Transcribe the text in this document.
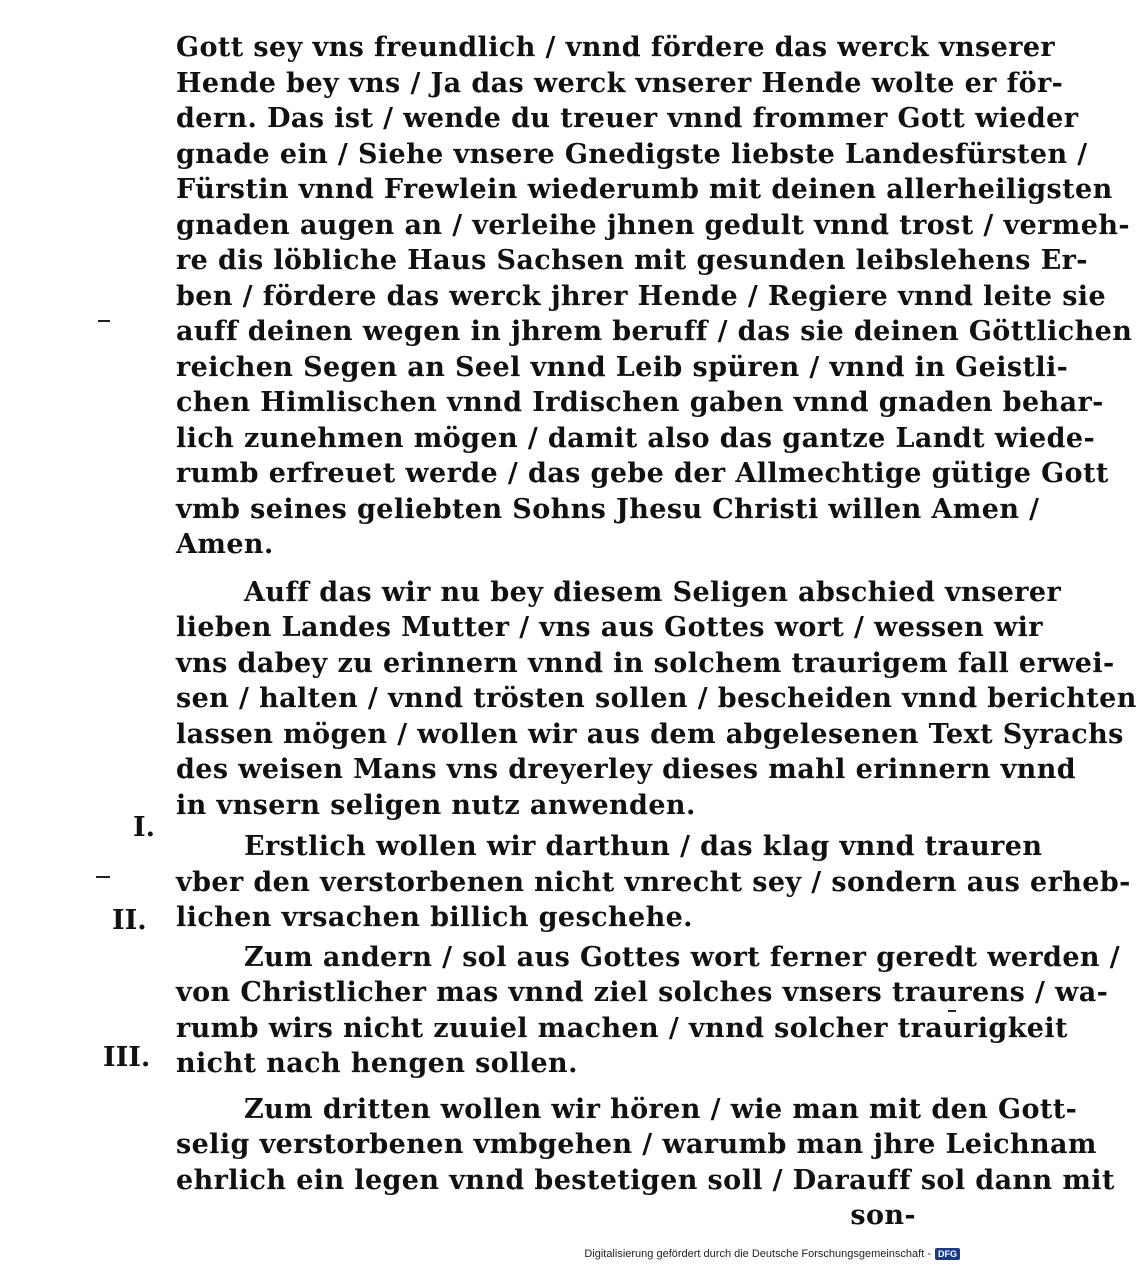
Gott sey vns freundlich / vnnd fördere das werck vnserer
Hende bey vns / Ja das werck vnserer Hende wolte er för-
dern. Das ist / wende du treuer vnnd frommer Gott wieder
gnade ein / Siehe vnsere Gnedigste liebste Landesfürsten /
Fürstin vnnd Frewlein wiederumb mit deinen allerheiligsten
gnaden augen an / verleihe jhnen gedult vnnd trost / vermeh-
re dis löbliche Haus Sachsen mit gesunden leibslehens Er-
ben / fördere das werck jhrer Hende / Regiere vnnd leite sie
auff deinen wegen in jhrem beruff / das sie deinen Göttlichen
reichen Segen an Seel vnnd Leib spüren / vnnd in Geistli-
chen Himlischen vnnd Irdischen gaben vnnd gnaden behar-
lich zunehmen mögen / damit also das gantze Landt wiede-
rumb erfreuet werde / das gebe der Allmechtige gütige Gott
vmb seines geliebten Sohns Jhesu Christi willen Amen /
Amen.
Auff das wir nu bey diesem Seligen abschied vnserer
lieben Landes Mutter / vns aus Gottes wort / wessen wir
vns dabey zu erinnern vnnd in solchem traurigem fall erwei-
sen / halten / vnnd trösten sollen / bescheiden vnnd berichten
lassen mögen / wollen wir aus dem abgelesenen Text Syrachs
des weisen Mans vns dreyerley dieses mahl erinnern vnnd
in vnsern seligen nutz anwenden.
Erstlich wollen wir darthun / das klag vnnd trauren
vber den verstorbenen nicht vnrecht sey / sondern aus erheb-
lichen vrsachen billich geschehe.
Zum andern / sol aus Gottes wort ferner geredt werden /
von Christlicher mas vnnd ziel solches vnsers traurens / wa-
rumb wirs nicht zuuiel machen / vnnd solcher traurigkeit
nicht nach hengen sollen.
Zum dritten wollen wir hören / wie man mit den Gott-
selig verstorbenen vmbgehen / warumb man jhre Leichnam
ehrlich ein legen vnnd bestetigen soll / Darauff sol dann mit
son-
I.
II.
III.
Digitalisierung gefördert durch die Deutsche Forschungsgemeinschaft - DFG
